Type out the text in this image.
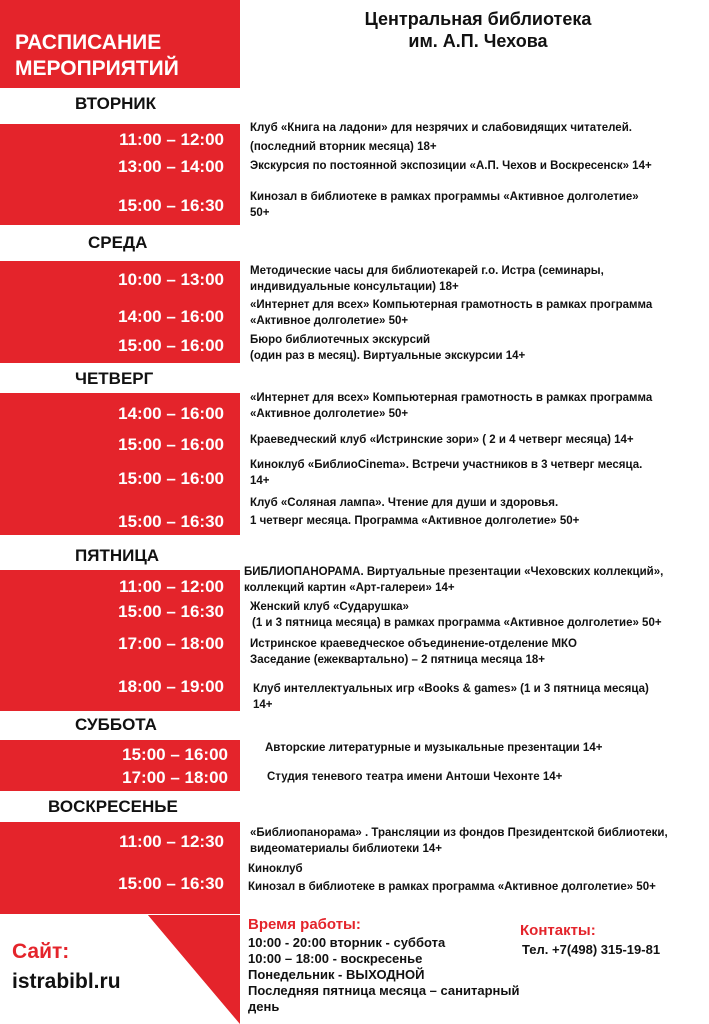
РАСПИСАНИЕ
МЕРОПРИЯТИЙ
Центральная библиотека
им. А.П. Чехова
ВТОРНИК
11:00 – 12:00
13:00 – 14:00
15:00 – 16:30
Клуб «Книга на ладони» для незрячих и слабовидящих читателей.
(последний вторник месяца) 18+
Экскурсия по постоянной экспозиции «А.П. Чехов и Воскресенск» 14+
Кинозал в библиотеке в рамках программы «Активное долголетие»
50+
СРЕДА
10:00 – 13:00
14:00 – 16:00
15:00 – 16:00
Методические часы для библиотекарей г.о. Истра (семинары,
индивидуальные консультации) 18+
«Интернет для всех» Компьютерная грамотность в рамках программа
«Активное долголетие» 50+
Бюро библиотечных экскурсий
(один раз в месяц). Виртуальные экскурсии 14+
ЧЕТВЕРГ
14:00 – 16:00
15:00 – 16:00
15:00 – 16:00
15:00 – 16:30
«Интернет для всех» Компьютерная грамотность в рамках программа
«Активное долголетие» 50+
Краеведческий клуб «Истринские зори» ( 2 и 4 четверг месяца) 14+
Киноклуб «БиблиоCinema». Встречи участников в 3 четверг месяца.
14+
Клуб «Соляная лампа». Чтение для души и здоровья.
1 четверг месяца. Программа «Активное долголетие» 50+
ПЯТНИЦА
11:00 – 12:00
15:00 – 16:30
17:00 – 18:00
18:00 – 19:00
БИБЛИОПАНОРАМА. Виртуальные презентации «Чеховских коллекций»,
коллекций картин «Арт-галереи» 14+
Женский клуб «Сударушка»
(1 и 3 пятница месяца) в рамках программа «Активное долголетие» 50+
Истринское краеведческое объединение-отделение МКО
Заседание (ежеквартально) – 2 пятница месяца 18+
Клуб интеллектуальных игр «Books & games» (1 и 3 пятница месяца)
14+
СУББОТА
15:00 – 16:00
17:00 – 18:00
Авторские литературные и музыкальные презентации 14+
Студия теневого театра имени Антоши Чехонте 14+
ВОСКРЕСЕНЬЕ
11:00 – 12:30
15:00 – 16:30
«Библиопанорама» . Трансляции из фондов Президентской библиотеки,
видеоматериалы библиотеки 14+
Киноклуб
Кинозал в библиотеке в рамках программа «Активное долголетие» 50+
Сайт:
istrabibl.ru
Время работы:
10:00 - 20:00 вторник - суббота
10:00 – 18:00 - воскресенье
Понедельник - ВЫХОДНОЙ
Последняя пятница месяца – санитарный
день
Контакты:
Тел. +7(498) 315-19-81
